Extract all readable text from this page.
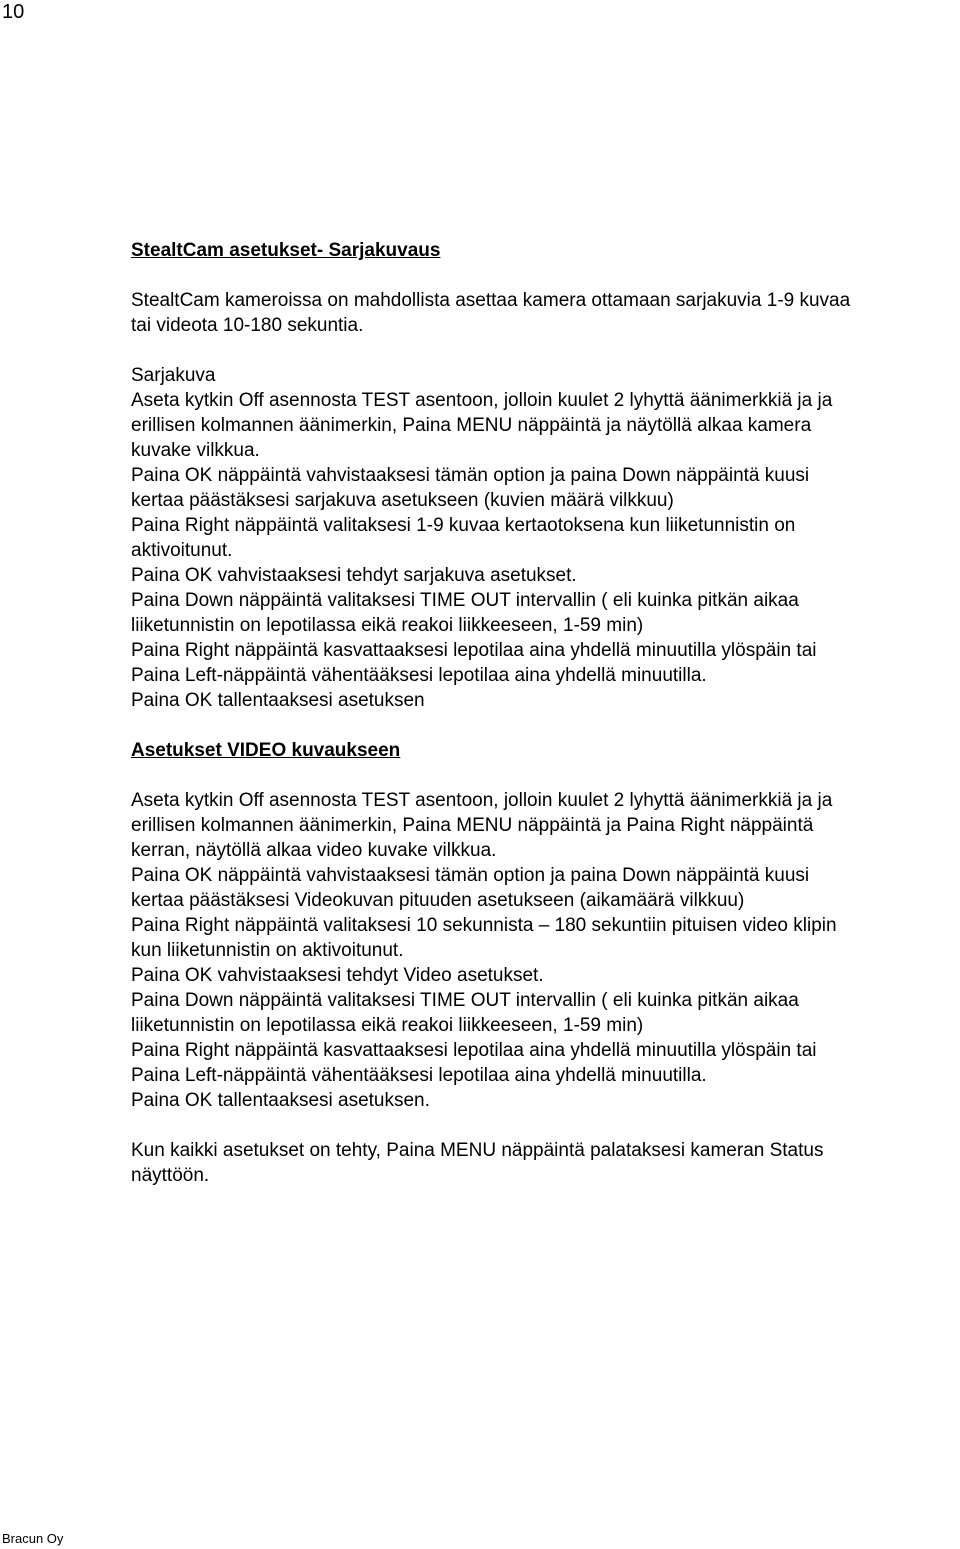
10

StealtCam asetukset- Sarjakuvaus

StealtCam kameroissa on mahdollista asettaa kamera ottamaan sarjakuvia 1-9 kuvaa

tai videota 10-180 sekuntia.

Sarjakuva

Aseta kytkin Off asennosta TEST asentoon, jolloin kuulet 2 lyhyttä äänimerkkiä ja ja

erillisen kolmannen äänimerkin, Paina MENU näppäintä ja näytöllä alkaa kamera

kuvake vilkkua.

Paina OK näppäintä vahvistaaksesi tämän option ja paina Down näppäintä kuusi

kertaa päästäksesi sarjakuva asetukseen (kuvien määrä vilkkuu)

Paina Right näppäintä valitaksesi 1-9 kuvaa kertaotoksena kun liiketunnistin on

aktivoitunut.

Paina OK vahvistaaksesi tehdyt sarjakuva asetukset.

Paina Down näppäintä valitaksesi TIME OUT intervallin ( eli kuinka pitkän aikaa

liiketunnistin on lepotilassa eikä reakoi liikkeeseen, 1-59 min)

Paina Right näppäintä kasvattaaksesi lepotilaa aina yhdellä minuutilla ylöspäin tai

Paina Left-näppäintä vähentääksesi lepotilaa aina yhdellä minuutilla.

Paina OK tallentaaksesi asetuksen

Asetukset VIDEO kuvaukseen

Aseta kytkin Off asennosta TEST asentoon, jolloin kuulet 2 lyhyttä äänimerkkiä ja ja

erillisen kolmannen äänimerkin, Paina MENU näppäintä ja Paina Right näppäintä

kerran, näytöllä alkaa video kuvake vilkkua.

Paina OK näppäintä vahvistaaksesi tämän option ja paina Down näppäintä kuusi

kertaa päästäksesi Videokuvan pituuden asetukseen (aikamäärä vilkkuu)

Paina Right näppäintä valitaksesi 10 sekunnista – 180 sekuntiin pituisen video klipin

kun liiketunnistin on aktivoitunut.

Paina OK vahvistaaksesi tehdyt Video asetukset.

Paina Down näppäintä valitaksesi TIME OUT intervallin ( eli kuinka pitkän aikaa

liiketunnistin on lepotilassa eikä reakoi liikkeeseen, 1-59 min)

Paina Right näppäintä kasvattaaksesi lepotilaa aina yhdellä minuutilla ylöspäin tai

Paina Left-näppäintä vähentääksesi lepotilaa aina yhdellä minuutilla.

Paina OK tallentaaksesi asetuksen.

Kun kaikki asetukset on tehty, Paina MENU näppäintä palataksesi kameran Status

näyttöön.

Bracun Oy
